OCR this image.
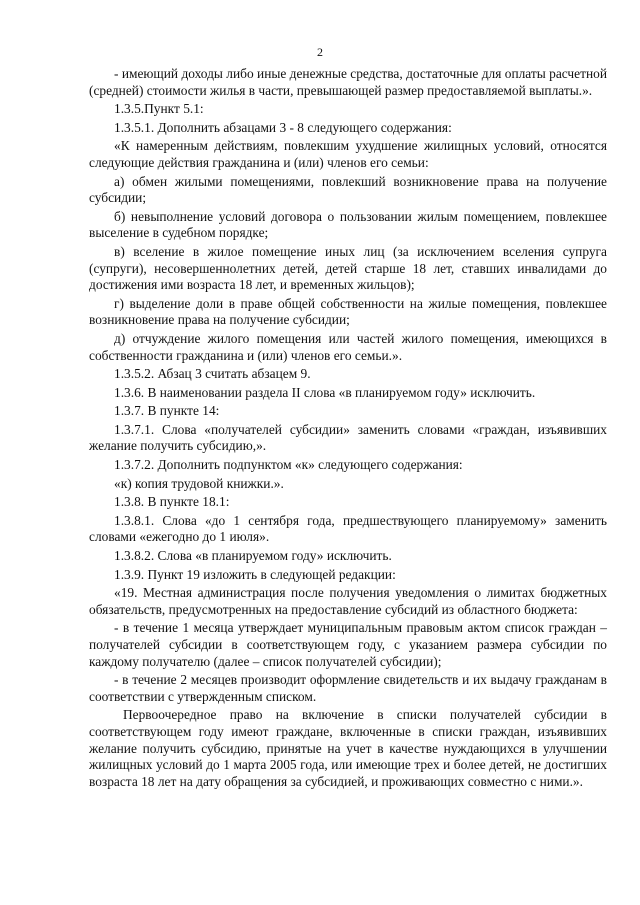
2

- имеющий доходы либо иные денежные средства, достаточные для оплаты расчетной (средней) стоимости жилья в части, превышающей размер предоставляемой выплаты.».

1.3.5.Пункт 5.1:

1.3.5.1. Дополнить абзацами 3 - 8 следующего содержания:

«К намеренным действиям, повлекшим ухудшение жилищных условий, относятся следующие действия гражданина и (или) членов его семьи:

а) обмен жилыми помещениями, повлекший возникновение права на получение субсидии;

б) невыполнение условий договора о пользовании жилым помещением, повлекшее выселение в судебном порядке;

в) вселение в жилое помещение иных лиц (за исключением вселения супруга (супруги), несовершеннолетних детей, детей старше 18 лет, ставших инвалидами до достижения ими возраста 18 лет, и временных жильцов);

г) выделение доли в праве общей собственности на жилые помещения, повлекшее возникновение права на получение субсидии;

д) отчуждение жилого помещения или частей жилого помещения, имеющихся в собственности гражданина и (или) членов его семьи.».

1.3.5.2. Абзац 3 считать абзацем 9.

1.3.6. В наименовании раздела II слова «в планируемом году» исключить.

1.3.7. В пункте 14:

1.3.7.1. Слова «получателей субсидии» заменить словами «граждан, изъявивших желание получить субсидию,».

1.3.7.2. Дополнить подпунктом «к» следующего содержания:

«к) копия трудовой книжки.».

1.3.8. В пункте 18.1:

1.3.8.1. Слова «до 1 сентября года, предшествующего планируемому» заменить словами «ежегодно до 1 июля».

1.3.8.2. Слова «в планируемом году» исключить.

1.3.9. Пункт 19 изложить в следующей редакции:

«19. Местная администрация после получения уведомления о лимитах бюджетных обязательств, предусмотренных на предоставление субсидий из областного бюджета:

- в течение 1 месяца утверждает муниципальным правовым актом список граждан – получателей субсидии в соответствующем году, с указанием размера субсидии по каждому получателю (далее – список получателей субсидии);

- в течение 2 месяцев производит оформление свидетельств и их выдачу гражданам в соответствии с утвержденным списком.

Первоочередное право на включение в списки получателей субсидии в соответствующем году имеют граждане, включенные в списки граждан, изъявивших желание получить субсидию, принятые на учет в качестве нуждающихся в улучшении жилищных условий до 1 марта 2005 года, или имеющие трех и более детей, не достигших возраста 18 лет на дату обращения за субсидией, и проживающих совместно с ними.».
